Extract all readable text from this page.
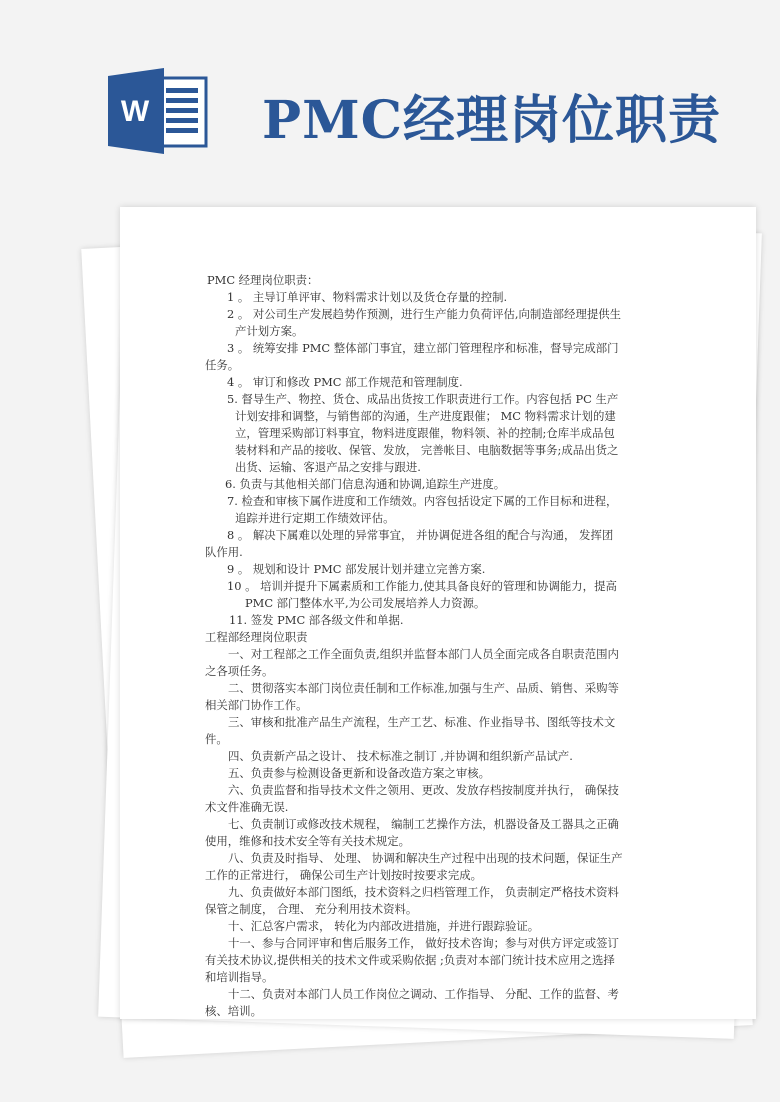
W PMC经理岗位职责

PMC 经理岗位职责：

1 。 主导订单评审、物料需求计划以及货仓存量的控制.

2 。 对公司生产发展趋势作预测，进行生产能力负荷评估,向制造部经理提供生产计划方案。

3 。 统筹安排 PMC 整体部门事宜，建立部门管理程序和标准，督导完成部门任务。

4 。 审订和修改 PMC 部工作规范和管理制度.

5. 督导生产、物控、货仓、成品出货按工作职责进行工作。内容包括 PC 生产计划安排和调整，与销售部的沟通，生产进度跟催； MC 物料需求计划的建立，管理采购部订料事宜，物料进度跟催，物料领、补的控制;仓库半成品包装材料和产品的接收、保管、发放， 完善帐目、电脑数据等事务;成品出货之出货、运输、客退产品之安排与跟进.

6. 负责与其他相关部门信息沟通和协调,追踪生产进度。

7. 检查和审核下属作进度和工作绩效。内容包括设定下属的工作目标和进程， 追踪并进行定期工作绩效评估。

8 。 解决下属难以处理的异常事宜， 并协调促进各组的配合与沟通， 发挥团队作用.

9 。 规划和设计 PMC 部发展计划并建立完善方案.

10 。 培训并提升下属素质和工作能力,使其具备良好的管理和协调能力，提高 PMC 部门整体水平,为公司发展培养人力资源。

11. 签发 PMC 部各级文件和单据.

工程部经理岗位职责

一、对工程部之工作全面负责,组织并监督本部门人员全面完成各自职责范围内之各项任务。

二、贯彻落实本部门岗位责任制和工作标准,加强与生产、品质、销售、采购等相关部门协作工作。

三、审核和批准产品生产流程，生产工艺、标准、作业指导书、图纸等技术文件。

四、负责新产品之设计、 技术标准之制订 ,并协调和组织新产品试产.

五、负责参与检测设备更新和设备改造方案之审核。

六、负责监督和指导技术文件之领用、更改、发放存档按制度并执行， 确保技术文件准确无误.

七、负责制订或修改技术规程， 编制工艺操作方法，机器设备及工器具之正确使用，维修和技术安全等有关技术规定。

八、负责及时指导、 处理、 协调和解决生产过程中出现的技术问题，保证生产工作的正常进行， 确保公司生产计划按时按要求完成。

九、负责做好本部门图纸，技术资料之归档管理工作， 负责制定严格技术资料保管之制度， 合理、 充分利用技术资料。

十、汇总客户需求， 转化为内部改进措施，并进行跟踪验证。

十一、参与合同评审和售后服务工作， 做好技术咨询；参与对供方评定或签订有关技术协议,提供相关的技术文件或采购依据 ;负责对本部门统计技术应用之选择和培训指导。

十二、负责对本部门人员工作岗位之调动、工作指导、 分配、工作的监督、考核、培训。
